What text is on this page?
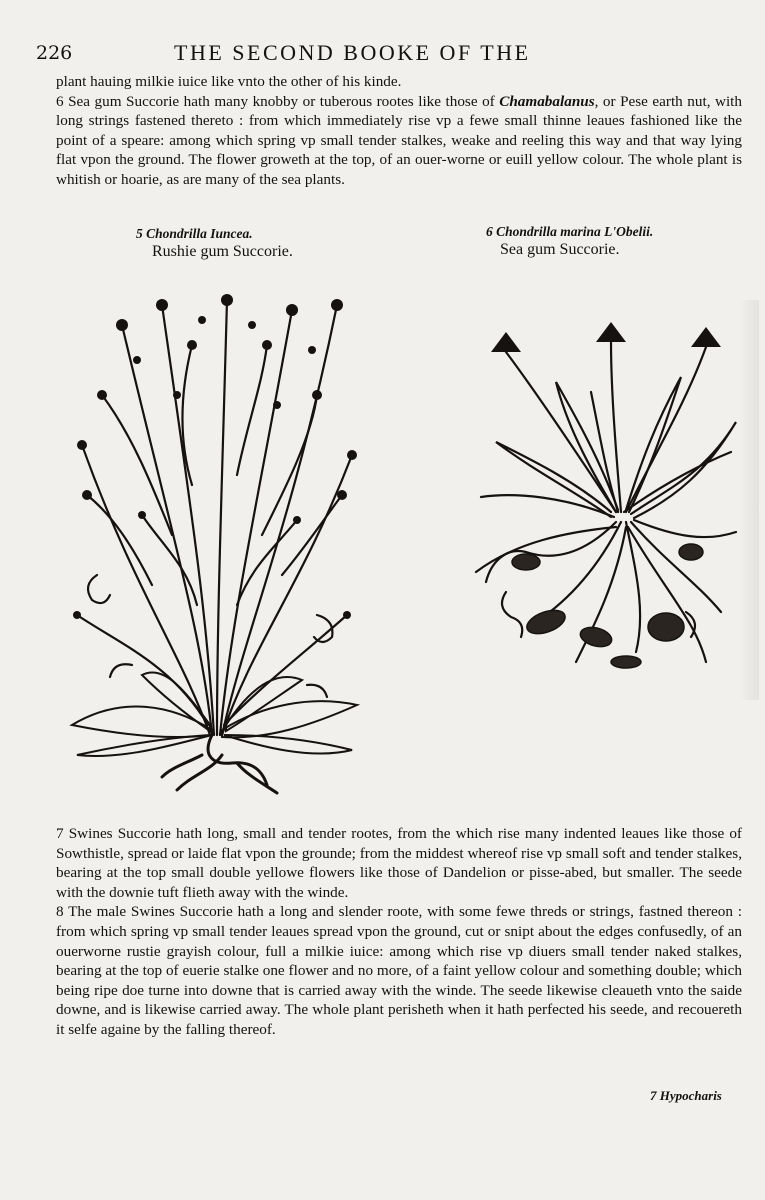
226	THE SECOND BOOKE OF THE

plant hauing milkie iuice like vnto the other of his kinde.

6 Sea gum Succorie hath many knobby or tuberous rootes like those of Chamabalanus, or Pese earth nut, with long strings fastened thereto : from which immediately rise vp a fewe small thinne leaues fashioned like the point of a speare: among which spring vp small tender stalkes, weake and reeling this way and that way lying flat vpon the ground. The flower groweth at the top, of an ouer-worne or euill yellow colour. The whole plant is whitish or hoarie, as are many of the sea plants.

5 Chondrilla Iuncea.
Rushie gum Succorie.
6 Chondrilla marina L'Obelii.
Sea gum Succorie.

7 Swines Succorie hath long, small and tender rootes, from the which rise many indented leaues like those of Sowthistle, spread or laide flat vpon the grounde; from the middest whereof rise vp small soft and tender stalkes, bearing at the top small double yellowe flowers like those of Dandelion or pisse-abed, but smaller. The seede with the downie tuft flieth away with the winde.

8 The male Swines Succorie hath a long and slender roote, with some fewe threds or strings, fastned thereon : from which spring vp small tender leaues spread vpon the ground, cut or snipt about the edges confusedly, of an ouerworne rustie grayish colour, full a milkie iuice: among which rise vp diuers small tender naked stalkes, bearing at the top of euerie stalke one flower and no more, of a faint yellow colour and something double; which being ripe doe turne into downe that is carried away with the winde. The seede likewise cleaueth vnto the saide downe, and is likewise carried away. The whole plant perisheth when it hath perfected his seede, and recouereth it selfe againe by the falling thereof.

7 Hypocharis
